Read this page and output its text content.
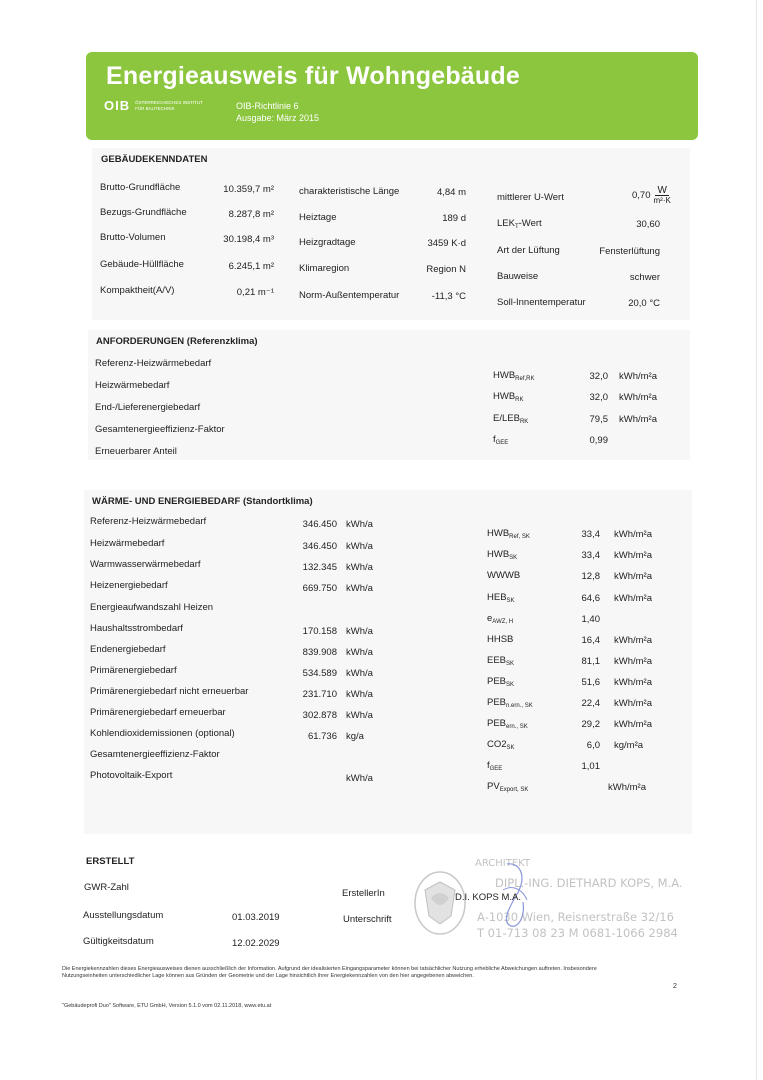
Energieausweis für Wohngebäude
OIB ÖSTERREICHISCHES INSTITUT FÜR BAUTECHNIK	OIB-Richtlinie 6
Ausgabe: März 2015
GEBÄUDEKENNDATEN
Brutto-Grundfläche	10.359,7 m²
Bezugs-Grundfläche	8.287,8 m²
Brutto-Volumen	30.198,4 m³
Gebäude-Hüllfläche	6.245,1 m²
Kompaktheit(A/V)	0,21 m⁻¹
charakteristische Länge	4,84 m
Heiztage	189 d
Heizgradtage	3459 K·d
Klimaregion	Region N
Norm-Außentemperatur	-11,3 °C
mittlerer U-Wert	$0,70 \frac{W}{\text{m²·K}}$
$LEK_T$-Wert	30,60
Art der Lüftung	Fensterlüftung
Bauweise	schwer
Soll-Innentemperatur	20,0 °C
ANFORDERUNGEN (Referenzklima)
Referenz-Heizwärmebedarf
Heizwärmebedarf
End-/Lieferenergiebedarf
Gesamtenergieeffizienz-Faktor
Erneuerbarer Anteil
$HWB_{Ref,RK}$	32,0 kWh/m²a
$HWB_{RK}$	32,0 kWh/m²a
$E/LEB_{RK}$	79,5 kWh/m²a
$f_{GEE}$	0,99
WÄRME- UND ENERGIEBEDARF (Standortklima)
Referenz-Heizwärmebedarf	346.450 kWh/a
Heizwärmebedarf	346.450 kWh/a
Warmwasserwärmebedarf	132.345 kWh/a
Heizenergiebedarf	669.750 kWh/a
Energieaufwandszahl Heizen
Haushaltsstrombedarf	170.158 kWh/a
Endenergiebedarf	839.908 kWh/a
Primärenergiebedarf	534.589 kWh/a
Primärenergiebedarf nicht erneuerbar	231.710 kWh/a
Primärenergiebedarf erneuerbar	302.878 kWh/a
Kohlendioxidemissionen (optional)	61.736 kg/a
Gesamtenergieeffizienz-Faktor
Photovoltaik-Export	kWh/a
$HWB_{Ref, SK}$	33,4 kWh/m²a
$HWB_{SK}$	33,4 kWh/m²a
WWWB	12,8 kWh/m²a
$HEB_{SK}$	64,6 kWh/m²a
$e_{AWZ, H}$	1,40
HHSB	16,4 kWh/m²a
$EEB_{SK}$	81,1 kWh/m²a
$PEB_{SK}$	51,6 kWh/m²a
$PEB_{n.ern., SK}$	22,4 kWh/m²a
$PEB_{ern., SK}$	29,2 kWh/m²a
$CO2_{SK}$	6,0 kg/m²a
$f_{GEE}$	1,01
$PV_{Export, SK}$	kWh/m²a
ERSTELLT
GWR-Zahl
Ausstellungsdatum	01.03.2019
Gültigkeitsdatum	12.02.2029
ErstellerIn
Unterschrift
ARCHITEKT
DIPL.-ING. DIETHARD KOPS, M.A.
A-1030 Wien, Reisnerstraße 32/16
T 01-713 08 23 M 0681-1066 2984
D.I. KOPS M.A.
Die Energiekennzahlen dieses Energieausweises dienen ausschließlich der Information. Aufgrund der idealisierten Eingangsparameter können bei tatsächlicher Nutzung erhebliche Abweichungen auftreten. Insbesondere Nutzungseinheiten unterschiedlicher Lage können aus Gründen der Geometrie und der Lage hinsichtlich ihrer Energiekennzahlen von den hier angegebenen abweichen.
2
"Gebäudeprofi Duo" Software, ETU GmbH, Version 5.1.0 vom 02.11.2018, www.etu.at
